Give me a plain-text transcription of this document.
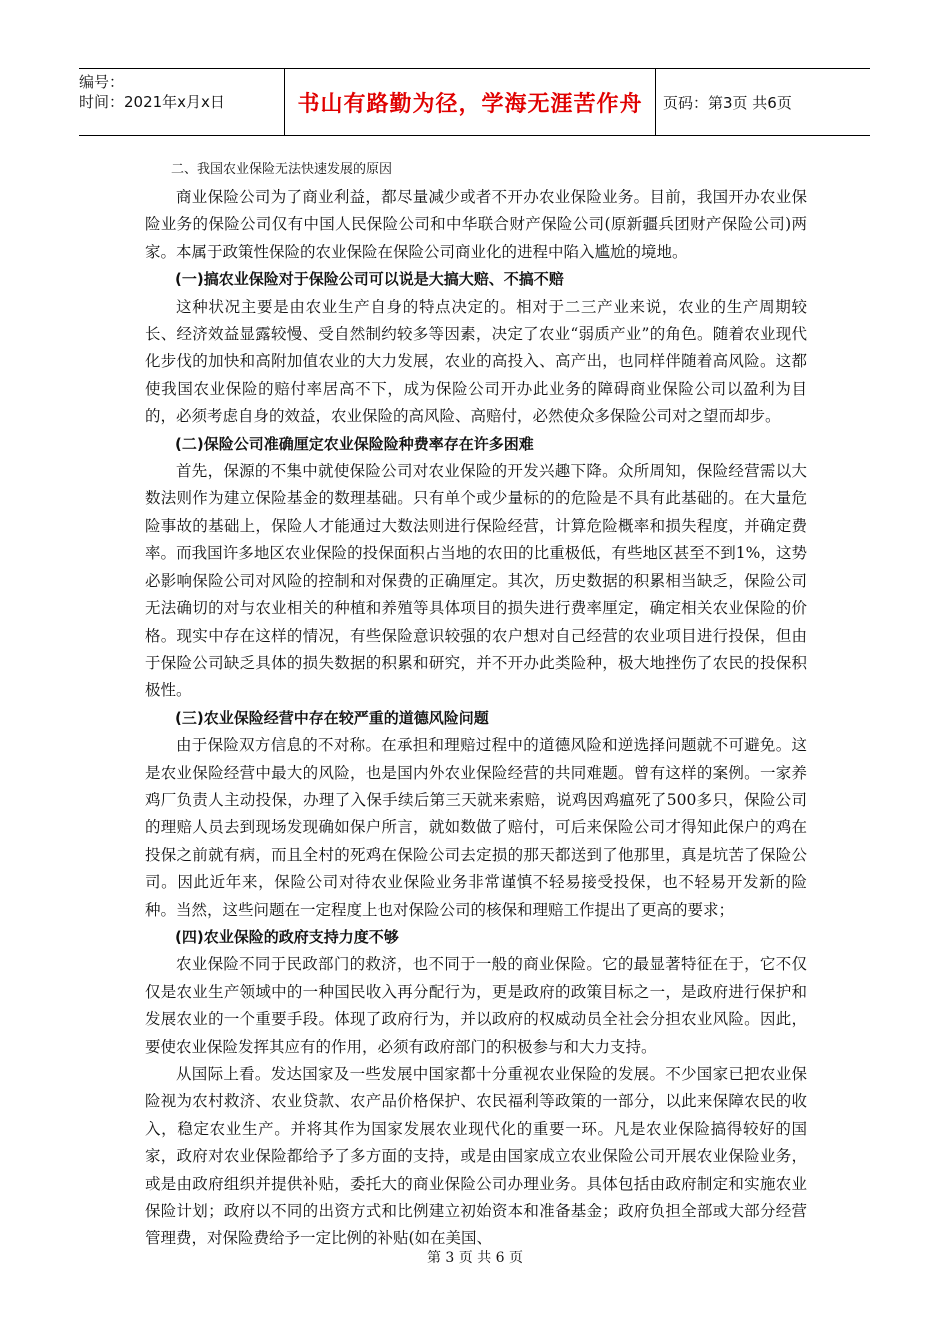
编号：
时间：2021年x月x日	书山有路勤为径，学海无涯苦作舟 页码：第3页 共6页
二、我国农业保险无法快速发展的原因

商业保险公司为了商业利益，都尽量减少或者不开办农业保险业务。目前，我国开办农业保险业务的保险公司仅有中国人民保险公司和中华联合财产保险公司(原新疆兵团财产保险公司)两家。本属于政策性保险的农业保险在保险公司商业化的进程中陷入尴尬的境地。

(一)搞农业保险对于保险公司可以说是大搞大赔、不搞不赔

这种状况主要是由农业生产自身的特点决定的。相对于二三产业来说，农业的生产周期较长、经济效益显露较慢、受自然制约较多等因素，决定了农业“弱质产业”的角色。随着农业现代化步伐的加快和高附加值农业的大力发展，农业的高投入、高产出，也同样伴随着高风险。这都使我国农业保险的赔付率居高不下，成为保险公司开办此业务的障碍商业保险公司以盈利为目的，必须考虑自身的效益，农业保险的高风险、高赔付，必然使众多保险公司对之望而却步。

(二)保险公司准确厘定农业保险险种费率存在许多困难

首先，保源的不集中就使保险公司对农业保险的开发兴趣下降。众所周知，保险经营需以大数法则作为建立保险基金的数理基础。只有单个或少量标的的危险是不具有此基础的。在大量危险事故的基础上，保险人才能通过大数法则进行保险经营，计算危险概率和损失程度，并确定费率。而我国许多地区农业保险的投保面积占当地的农田的比重极低，有些地区甚至不到1%，这势必影响保险公司对风险的控制和对保费的正确厘定。其次，历史数据的积累相当缺乏，保险公司无法确切的对与农业相关的种植和养殖等具体项目的损失进行费率厘定，确定相关农业保险的价格。现实中存在这样的情况，有些保险意识较强的农户想对自己经营的农业项目进行投保，但由于保险公司缺乏具体的损失数据的积累和研究，并不开办此类险种，极大地挫伤了农民的投保积极性。

(三)农业保险经营中存在较严重的道德风险问题

由于保险双方信息的不对称。在承担和理赔过程中的道德风险和逆选择问题就不可避免。这是农业保险经营中最大的风险，也是国内外农业保险经营的共同难题。曾有这样的案例。一家养鸡厂负责人主动投保，办理了入保手续后第三天就来索赔，说鸡因鸡瘟死了500多只，保险公司的理赔人员去到现场发现确如保户所言，就如数做了赔付，可后来保险公司才得知此保户的鸡在投保之前就有病，而且全村的死鸡在保险公司去定损的那天都送到了他那里，真是坑苦了保险公司。因此近年来，保险公司对待农业保险业务非常谨慎不轻易接受投保，也不轻易开发新的险种。当然，这些问题在一定程度上也对保险公司的核保和理赔工作提出了更高的要求；

(四)农业保险的政府支持力度不够

农业保险不同于民政部门的救济，也不同于一般的商业保险。它的最显著特征在于，它不仅仅是农业生产领域中的一种国民收入再分配行为，更是政府的政策目标之一，是政府进行保护和发展农业的一个重要手段。体现了政府行为，并以政府的权威动员全社会分担农业风险。因此，要使农业保险发挥其应有的作用，必须有政府部门的积极参与和大力支持。

从国际上看。发达国家及一些发展中国家都十分重视农业保险的发展。不少国家已把农业保险视为农村救济、农业贷款、农产品价格保护、农民福利等政策的一部分，以此来保障农民的收入，稳定农业生产。并将其作为国家发展农业现代化的重要一环。凡是农业保险搞得较好的国家，政府对农业保险都给予了多方面的支持，或是由国家成立农业保险公司开展农业保险业务，或是由政府组织并提供补贴，委托大的商业保险公司办理业务。具体包括由政府制定和实施农业保险计划；政府以不同的出资方式和比例建立初始资本和准备基金；政府负担全部或大部分经营管理费，对保险费给予一定比例的补贴(如在美国、

第 3 页 共 6 页
